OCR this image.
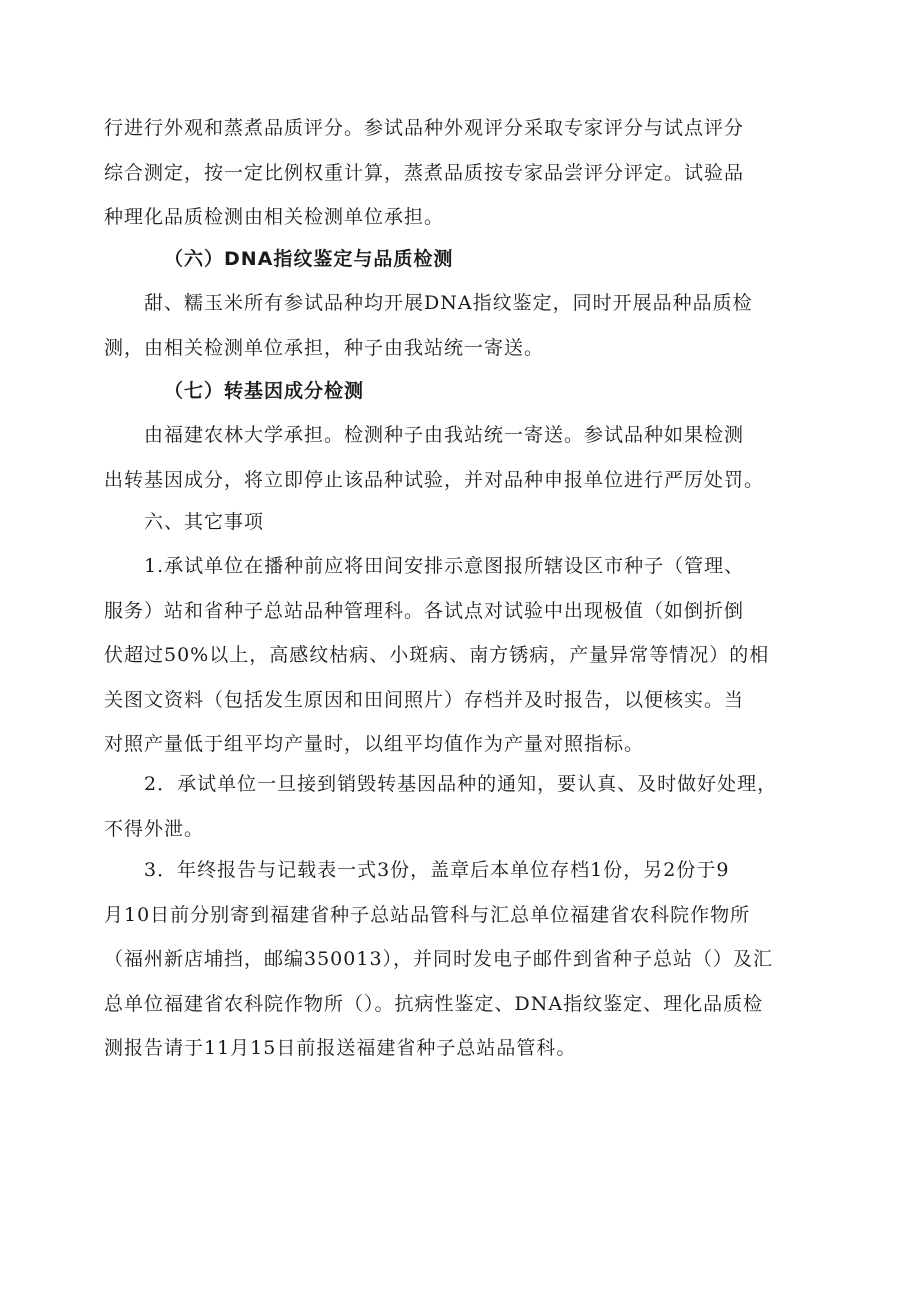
行进行外观和蒸煮品质评分。参试品种外观评分采取专家评分与试点评分
综合测定，按一定比例权重计算，蒸煮品质按专家品尝评分评定。试验品
种理化品质检测由相关检测单位承担。
（六）DNA指纹鉴定与品质检测
甜、糯玉米所有参试品种均开展DNA指纹鉴定，同时开展品种品质检
测，由相关检测单位承担，种子由我站统一寄送。
（七）转基因成分检测
由福建农林大学承担。检测种子由我站统一寄送。参试品种如果检测
出转基因成分，将立即停止该品种试验，并对品种申报单位进行严厉处罚。
六、其它事项
1.承试单位在播种前应将田间安排示意图报所辖设区市种子（管理、
服务）站和省种子总站品种管理科。各试点对试验中出现极值（如倒折倒
伏超过50%以上，高感纹枯病、小斑病、南方锈病，产量异常等情况）的相
关图文资料（包括发生原因和田间照片）存档并及时报告，以便核实。当
对照产量低于组平均产量时，以组平均值作为产量对照指标。
2．承试单位一旦接到销毁转基因品种的通知，要认真、及时做好处理，
不得外泄。
3．年终报告与记载表一式3份，盖章后本单位存档1份，另2份于9
月10日前分别寄到福建省种子总站品管科与汇总单位福建省农科院作物所
（福州新店埔挡，邮编350013），并同时发电子邮件到省种子总站（）及汇
总单位福建省农科院作物所（）。抗病性鉴定、DNA指纹鉴定、理化品质检
测报告请于11月15日前报送福建省种子总站品管科。
